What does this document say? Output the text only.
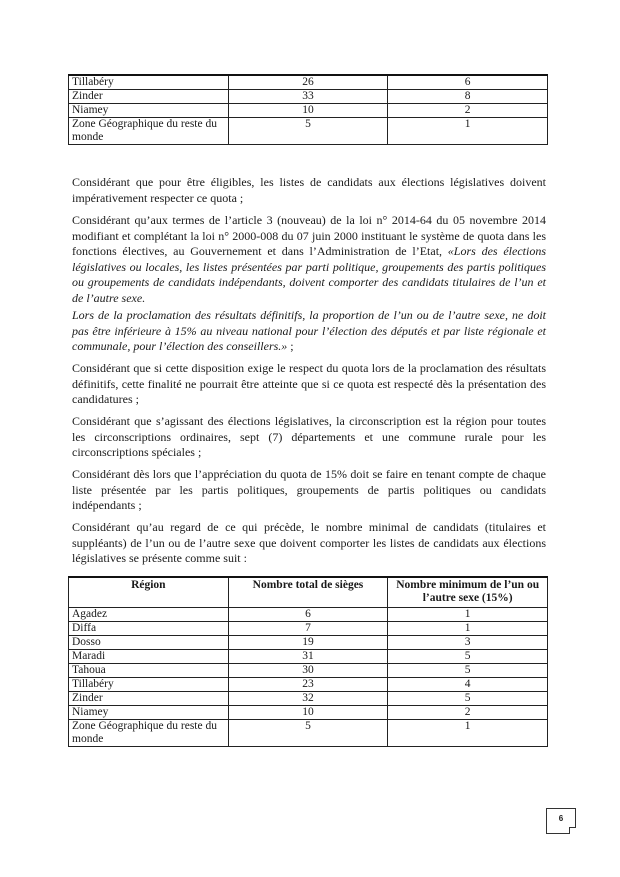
Tillabéry	26	6
Zinder	33	8
Niamey	10	2
Zone Géographique du reste du monde	5	1

Considérant que pour être éligibles, les listes de candidats aux élections législatives doivent impérativement respecter ce quota ;

Considérant qu’aux termes de l’article 3 (nouveau) de la loi n° 2014-64 du 05 novembre 2014 modifiant et complétant la loi n° 2000-008 du 07 juin 2000 instituant le système de quota dans les fonctions électives, au Gouvernement et dans l’Administration de l’Etat, «Lors des élections législatives ou locales, les listes présentées par parti politique, groupements des partis politiques ou groupements de candidats indépendants, doivent comporter des candidats titulaires de l’un et de l’autre sexe.

Lors de la proclamation des résultats définitifs, la proportion de l’un ou de l’autre sexe, ne doit pas être inférieure à 15% au niveau national pour l’élection des députés et par liste régionale et communale, pour l’élection des conseillers.» ;

Considérant que si cette disposition exige le respect du quota lors de la proclamation des résultats définitifs, cette finalité ne pourrait être atteinte que si ce quota est respecté dès la présentation des candidatures ;

Considérant que s’agissant des élections législatives, la circonscription est la région pour toutes les circonscriptions ordinaires, sept (7) départements et une commune rurale pour les circonscriptions spéciales ;

Considérant dès lors que l’appréciation du quota de 15% doit se faire en tenant compte de chaque liste présentée par les partis politiques, groupements de partis politiques ou candidats indépendants ;

Considérant qu’au regard de ce qui précède, le nombre minimal de candidats (titulaires et suppléants) de l’un ou de l’autre sexe que doivent comporter les listes de candidats aux élections législatives se présente comme suit :

Région	Nombre total de sièges	Nombre minimum de l’un ou l’autre sexe (15%)
Agadez	6	1
Diffa	7	1
Dosso	19	3
Maradi	31	5
Tahoua	30	5
Tillabéry	23	4
Zinder	32	5
Niamey	10	2
Zone Géographique du reste du monde	5	1
6
